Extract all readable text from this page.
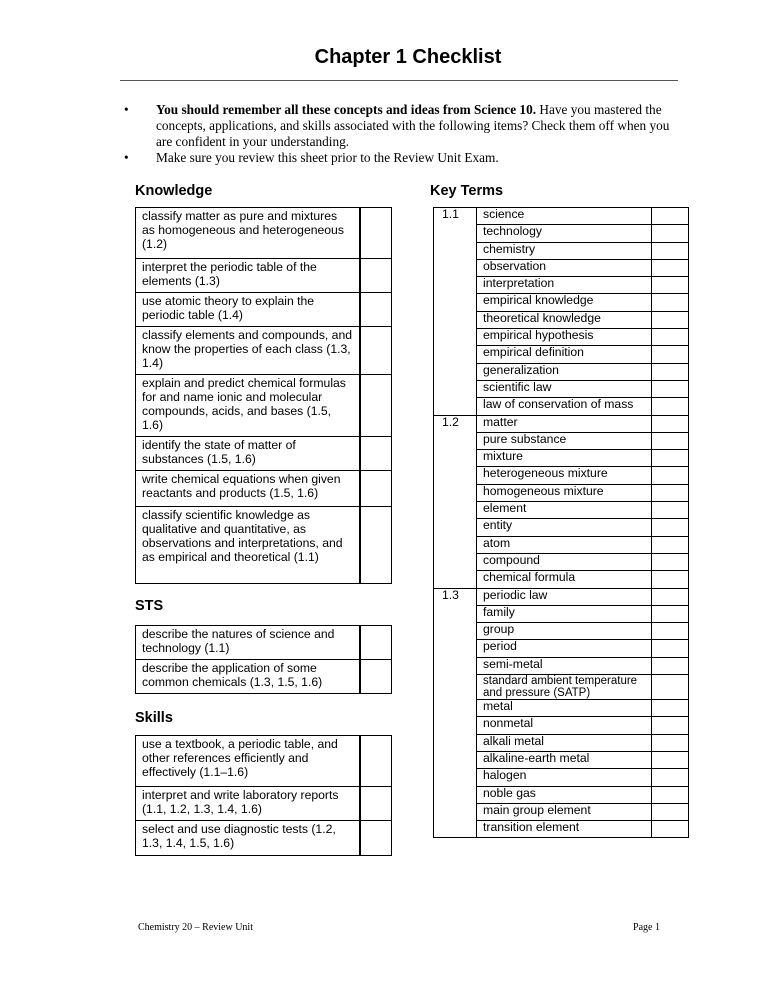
Chapter 1 Checklist
• You should remember all these concepts and ideas from Science 10. Have you mastered the concepts, applications, and skills associated with the following items? Check them off when you are confident in your understanding.
• Make sure you review this sheet prior to the Review Unit Exam.
Knowledge
classify matter as pure and mixtures as homogeneous and heterogeneous (1.2)	
interpret the periodic table of the elements (1.3)	
use atomic theory to explain the periodic table (1.4)	
classify elements and compounds, and know the properties of each class (1.3, 1.4)	
explain and predict chemical formulas for and name ionic and molecular compounds, acids, and bases (1.5, 1.6)	
identify the state of matter of substances (1.5, 1.6)	
write chemical equations when given reactants and products (1.5, 1.6)	
classify scientific knowledge as qualitative and quantitative, as observations and interpretations, and as empirical and theoretical (1.1)	
STS
describe the natures of science and technology (1.1)	
describe the application of some common chemicals (1.3, 1.5, 1.6)	
Skills
use a textbook, a periodic table, and other references efficiently and effectively (1.1–1.6)	
interpret and write laboratory reports (1.1, 1.2, 1.3, 1.4, 1.6)	
select and use diagnostic tests (1.2, 1.3, 1.4, 1.5, 1.6)	
Key Terms
1.1	science	
	technology	
	chemistry	
	observation	
	interpretation	
	empirical knowledge	
	theoretical knowledge	
	empirical hypothesis	
	empirical definition	
	generalization	
	scientific law	
	law of conservation of mass	
1.2	matter	
	pure substance	
	mixture	
	heterogeneous mixture	
	homogeneous mixture	
	element	
	entity	
	atom	
	compound	
	chemical formula	
1.3	periodic law	
	family	
	group	
	period	
	semi-metal	
	standard ambient temperature and pressure (SATP)	
	metal	
	nonmetal	
	alkali metal	
	alkaline-earth metal	
	halogen	
	noble gas	
	main group element	
	transition element	
Chemistry 20 – Review Unit	Page 1
